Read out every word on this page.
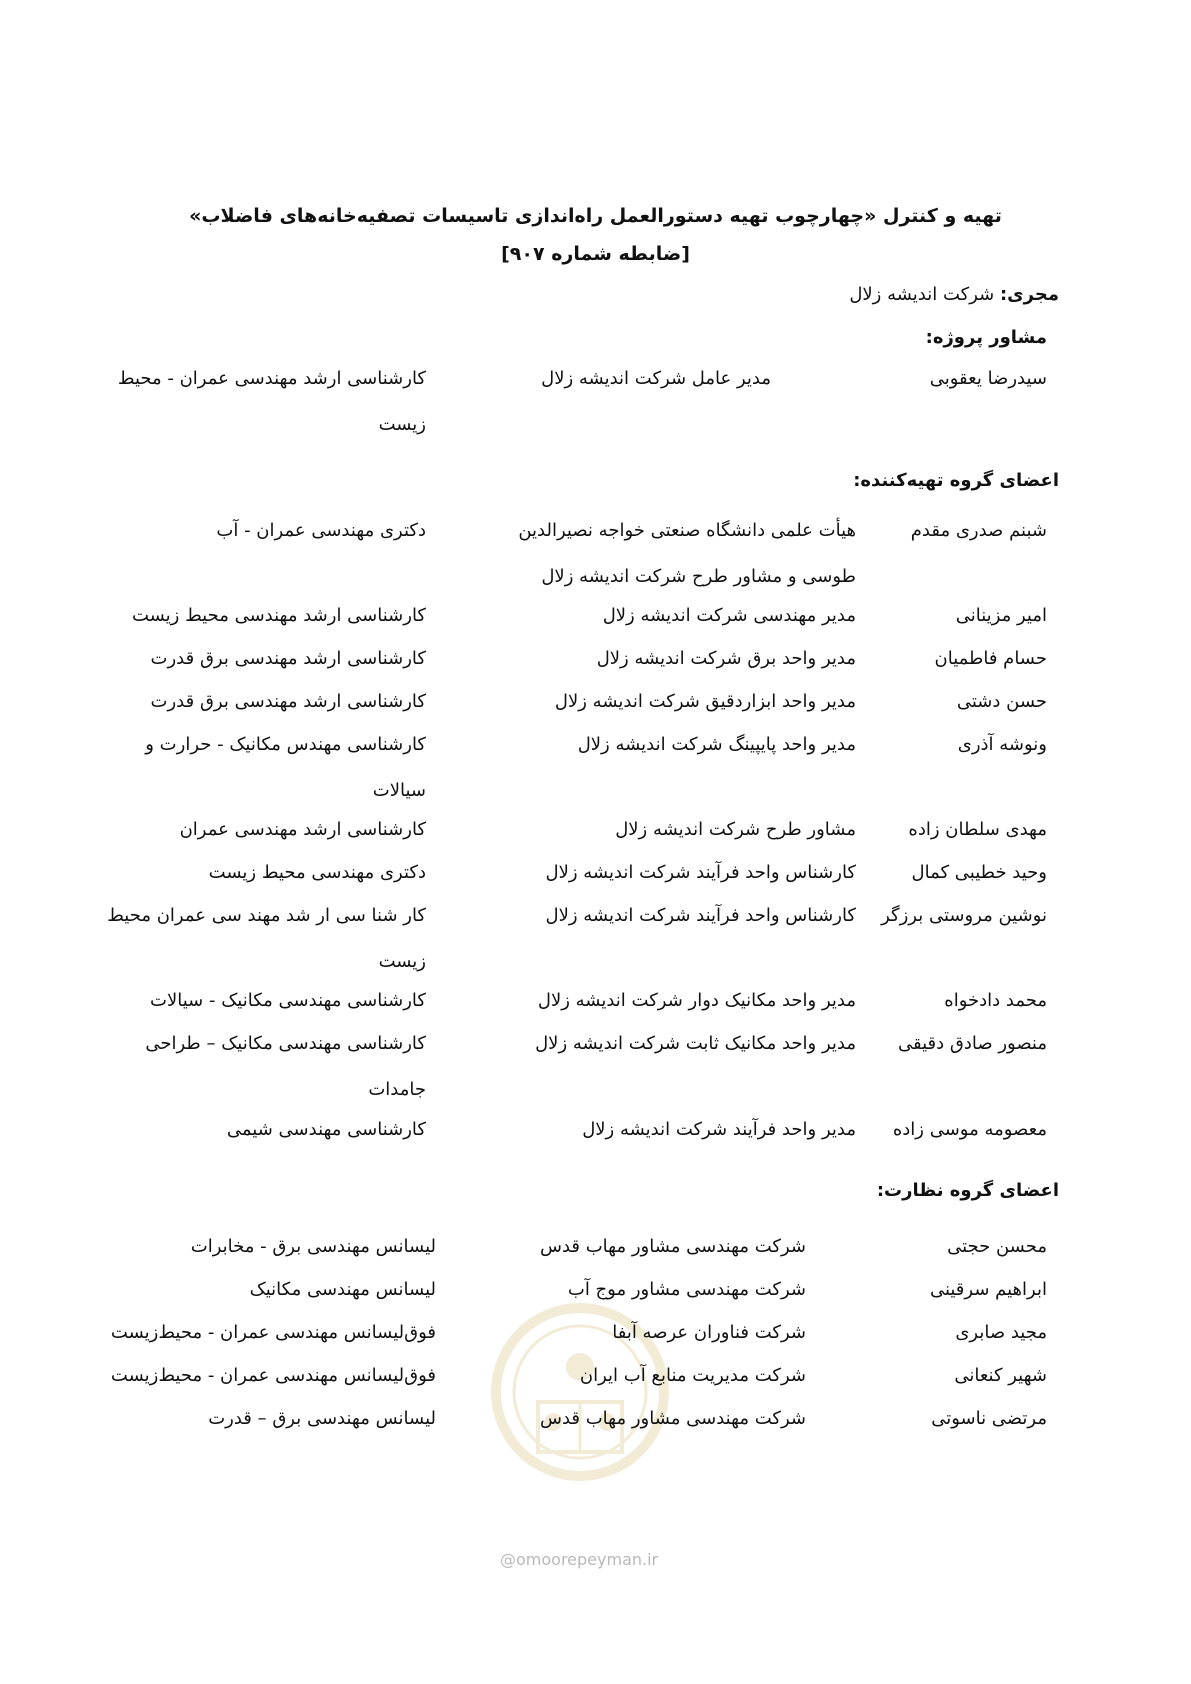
تهیه و کنترل «چهارچوب تهیه دستورالعمل راه‌اندازی تاسیسات تصفیه‌خانه‌های فاضلاب»
[ضابطه شماره ۹۰۷]
مجری: شرکت اندیشه زلال
مشاور پروژه:
سیدرضا یعقوبی
مدیر عامل شرکت اندیشه زلال
کارشناسی ارشد مهندسی عمران - محیط زیست
اعضای گروه تهیه‌کننده:
شبنم صدری مقدم
هیأت علمی دانشگاه صنعتی خواجه نصیرالدین طوسی و مشاور طرح شرکت اندیشه زلال
دکتری مهندسی عمران - آب
امیر مزینانی
مدیر مهندسی شرکت اندیشه زلال
کارشناسی ارشد مهندسی محیط زیست
حسام فاطمیان
مدیر واحد برق شرکت اندیشه زلال
کارشناسی ارشد مهندسی برق قدرت
حسن دشتی
مدیر واحد ابزاردقیق شرکت اندیشه زلال
کارشناسی ارشد مهندسی برق قدرت
ونوشه آذری
مدیر واحد پایپینگ شرکت اندیشه زلال
کارشناسی مهندس مکانیک - حرارت و سیالات
مهدی سلطان زاده
مشاور طرح شرکت اندیشه زلال
کارشناسی ارشد مهندسی عمران
وحید خطیبی کمال
کارشناس واحد فرآیند شرکت اندیشه زلال
دکتری مهندسی محیط زیست
نوشین مروستی برزگر
کارشناس واحد فرآیند شرکت اندیشه زلال
کار شنا سی ار شد مهند سی عمران محیط زیست
محمد دادخواه
مدیر واحد مکانیک دوار شرکت اندیشه زلال
کارشناسی مهندسی مکانیک - سیالات
منصور صادق دقیقی
مدیر واحد مکانیک ثابت شرکت اندیشه زلال
کارشناسی مهندسی مکانیک – طراحی جامدات
معصومه موسی زاده
مدیر واحد فرآیند شرکت اندیشه زلال
کارشناسی مهندسی شیمی
اعضای گروه نظارت:
محسن حجتی
شرکت مهندسی مشاور مهاب قدس
لیسانس مهندسی برق - مخابرات
ابراهیم سرقینی
شرکت مهندسی مشاور موج آب
لیسانس مهندسی مکانیک
مجید صابری
شرکت فناوران عرصه آبفا
فوق‌لیسانس مهندسی عمران - محیط‌زیست
شهیر کنعانی
شرکت مدیریت منابع آب ایران
فوق‌لیسانس مهندسی عمران - محیط‌زیست
مرتضی ناسوتی
شرکت مهندسی مشاور مهاب قدس
لیسانس مهندسی برق – قدرت
@omoorepeyman.ir
